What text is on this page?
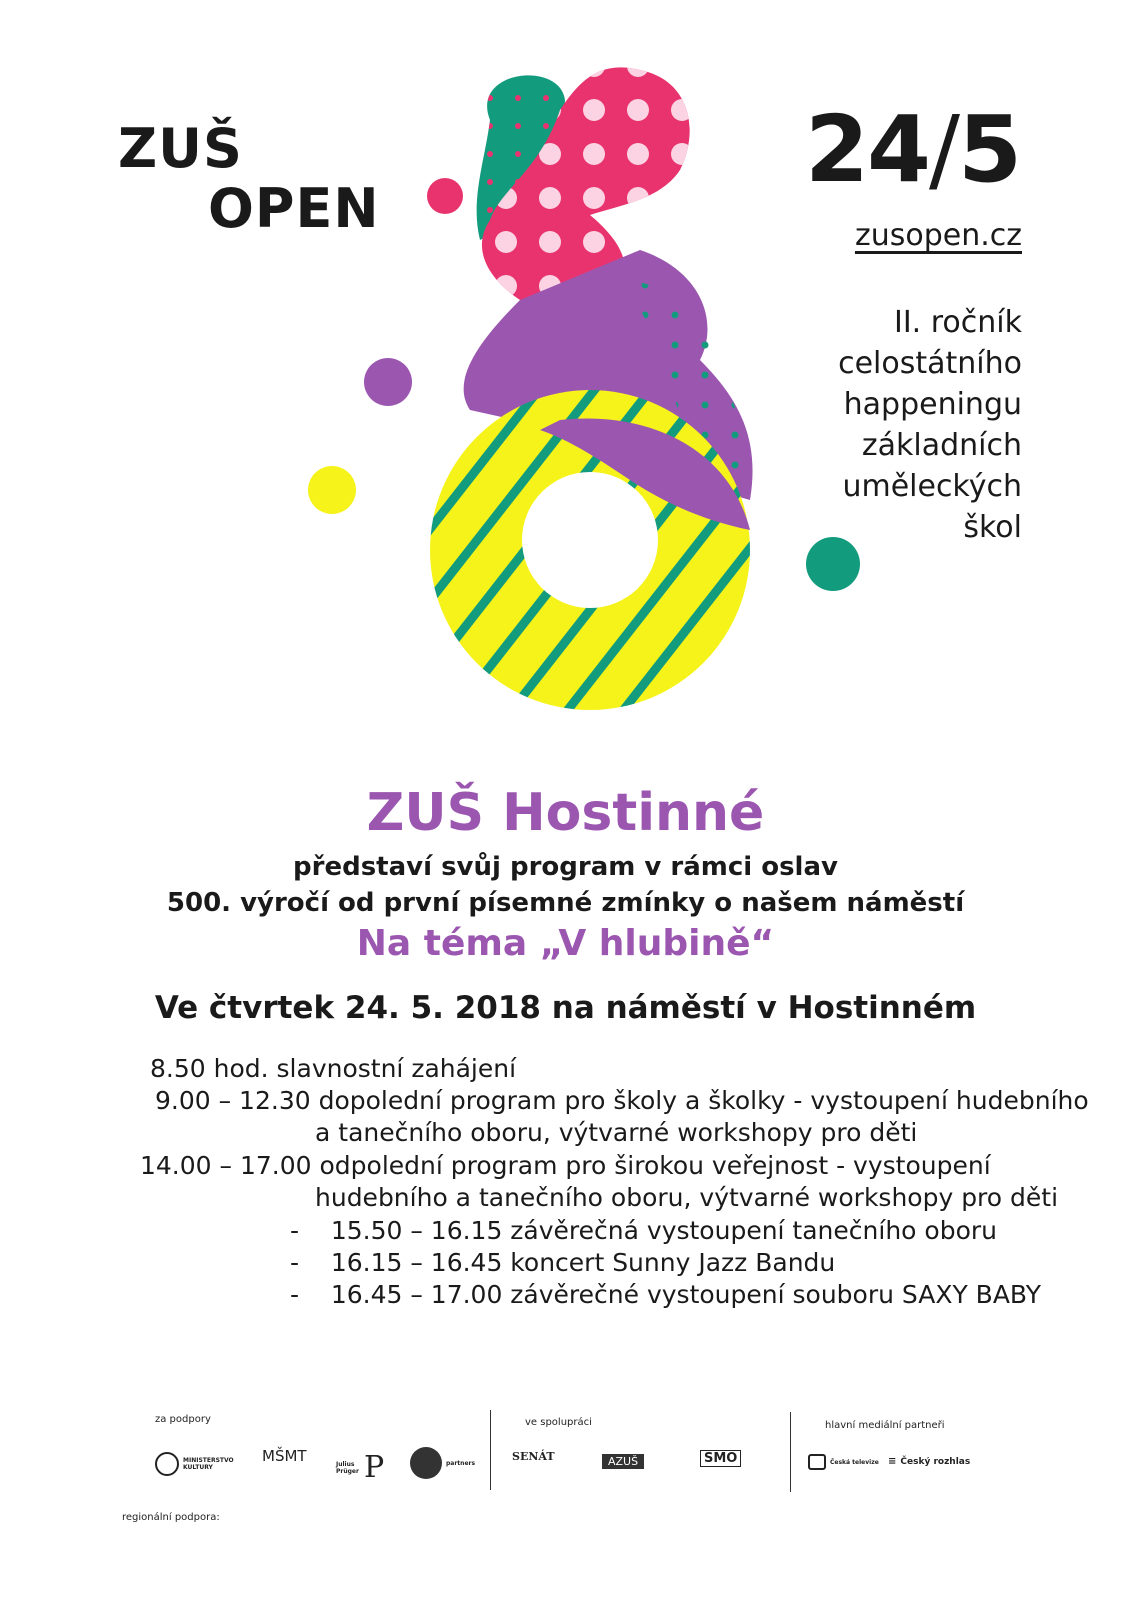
ZUŠ
OPEN
24/5
zusopen.cz
II. ročník
celostátního
happeningu
základních
uměleckých
škol
ZUŠ Hostinné
představí svůj program v rámci oslav
500. výročí od první písemné zmínky o našem náměstí
Na téma „V hlubině“
Ve čtvrtek 24. 5. 2018 na náměstí v Hostinném
8.50 hod. slavnostní zahájení
9.00 – 12.30 dopolední program pro školy a školky - vystoupení hudebního
a tanečního oboru, výtvarné workshopy pro děti
14.00 – 17.00 odpolední program pro širokou veřejnost - vystoupení
hudebního a tanečního oboru, výtvarné workshopy pro děti
- 15.50 – 16.15 závěrečná vystoupení tanečního oboru
- 16.15 – 16.45 koncert Sunny Jazz Bandu
- 16.45 – 17.00 závěrečné vystoupení souboru SAXY BABY
za podpory	ve spolupráci	hlavní mediální partneři
MINISTERSTVO KULTURY
MŠMT	Julius Prüger P	partners	SENÁT	AZUŠ	SMO	Česká televize ≡ Český rozhlas
regionální podpora:
